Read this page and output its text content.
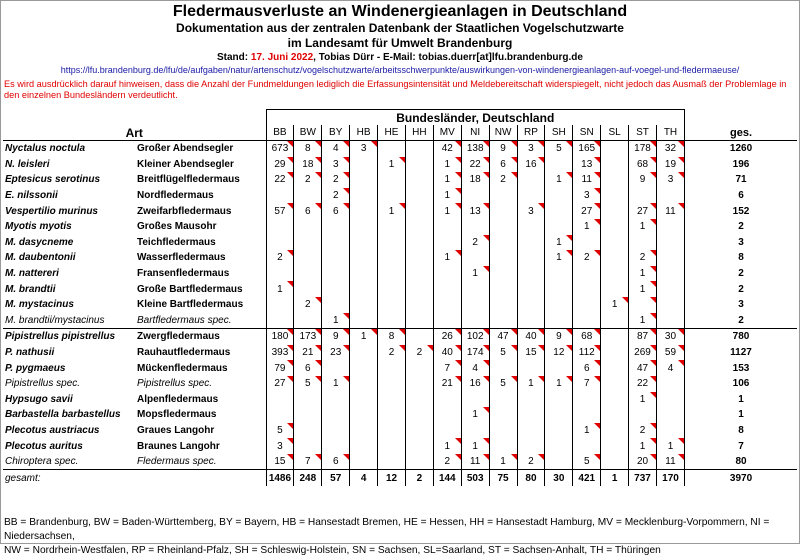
Fledermausverluste an Windenergieanlagen in Deutschland
Dokumentation aus der zentralen Datenbank der Staatlichen Vogelschutzwarte
im Landesamt für Umwelt Brandenburg
Stand: 17. Juni 2022, Tobias Dürr - E-Mail: tobias.duerr[at]lfu.brandenburg.de
https://lfu.brandenburg.de/lfu/de/aufgaben/natur/artenschutz/vogelschutzwarte/arbeitsschwerpunkte/auswirkungen-von-windenergieanlagen-auf-voegel-und-fledermaeuse/
Es wird ausdrücklich darauf hinweisen, dass die Anzahl der Fundmeldungen lediglich die Erfassungsintensität und Meldebereitschaft widerspiegelt, nicht jedoch das Ausmaß der Problemlage in den einzelnen Bundesländern verdeutlicht.
		Bundesländer, Deutschland															
Art		BB	BW	BY	HB	HE	HH	MV	NI	NW	RP	SH	SN	SL	ST	TH	ges.
Nyctalus noctula	Großer Abendsegler	673	8	4	3			42	138	9	3	5	165		178	32	1260
N. leisleri	Kleiner Abendsegler	29	18	3		1		1	22	6	16		13		68	19	196
Eptesicus serotinus	Breitflügelfledermaus	22	2	2				1	18	2		1	11		9	3	71
E. nilssonii	Nordfledermaus			2				1					3				6
Vespertilio murinus	Zweifarbfledermaus	57	6	6		1		1	13		3		27		27	11	152
Myotis myotis	Großes Mausohr												1		1		2
M. dasycneme	Teichfledermaus								2			1					3
M. daubentonii	Wasserfledermaus	2						1				1	2		2		8
M. nattereri	Fransenfledermaus								1						1		2
M. brandtii	Große Bartfledermaus	1													1		2
M. mystacinus	Kleine Bartfledermaus		2											1			3
M. brandtii/mystacinus	Bartfledermaus spec.			1											1		2
Pipistrellus pipistrellus	Zwergfledermaus	180	173	9	1	8		26	102	47	40	9	68		87	30	780
P. nathusii	Rauhautfledermaus	393	21	23		2	2	40	174	5	15	12	112		269	59	1127
P. pygmaeus	Mückenfledermaus	79	6					7	4				6		47	4	153
Pipistrellus spec.	Pipistrellus spec.	27	5	1				21	16	5	1	1	7		22		106
Hypsugo savii	Alpenfledermaus														1		1
Barbastella barbastellus	Mopsfledermaus								1								1
Plecotus austriacus	Graues Langohr	5											1		2		8
Plecotus auritus	Braunes Langohr	3						1	1						1	1	7
Chiroptera spec.	Fledermaus spec.	15	7	6				2	11	1	2		5		20	11	80
gesamt:		1486	248	57	4	12	2	144	503	75	80	30	421	1	737	170	3970
BB = Brandenburg, BW = Baden-Württemberg, BY = Bayern, HB = Hansestadt Bremen, HE = Hessen, HH = Hansestadt Hamburg, MV = Mecklenburg-Vorpommern, NI = Niedersachsen,
NW = Nordrhein-Westfalen, RP = Rheinland-Pfalz, SH = Schleswig-Holstein, SN = Sachsen, SL=Saarland, ST = Sachsen-Anhalt, TH = Thüringen
